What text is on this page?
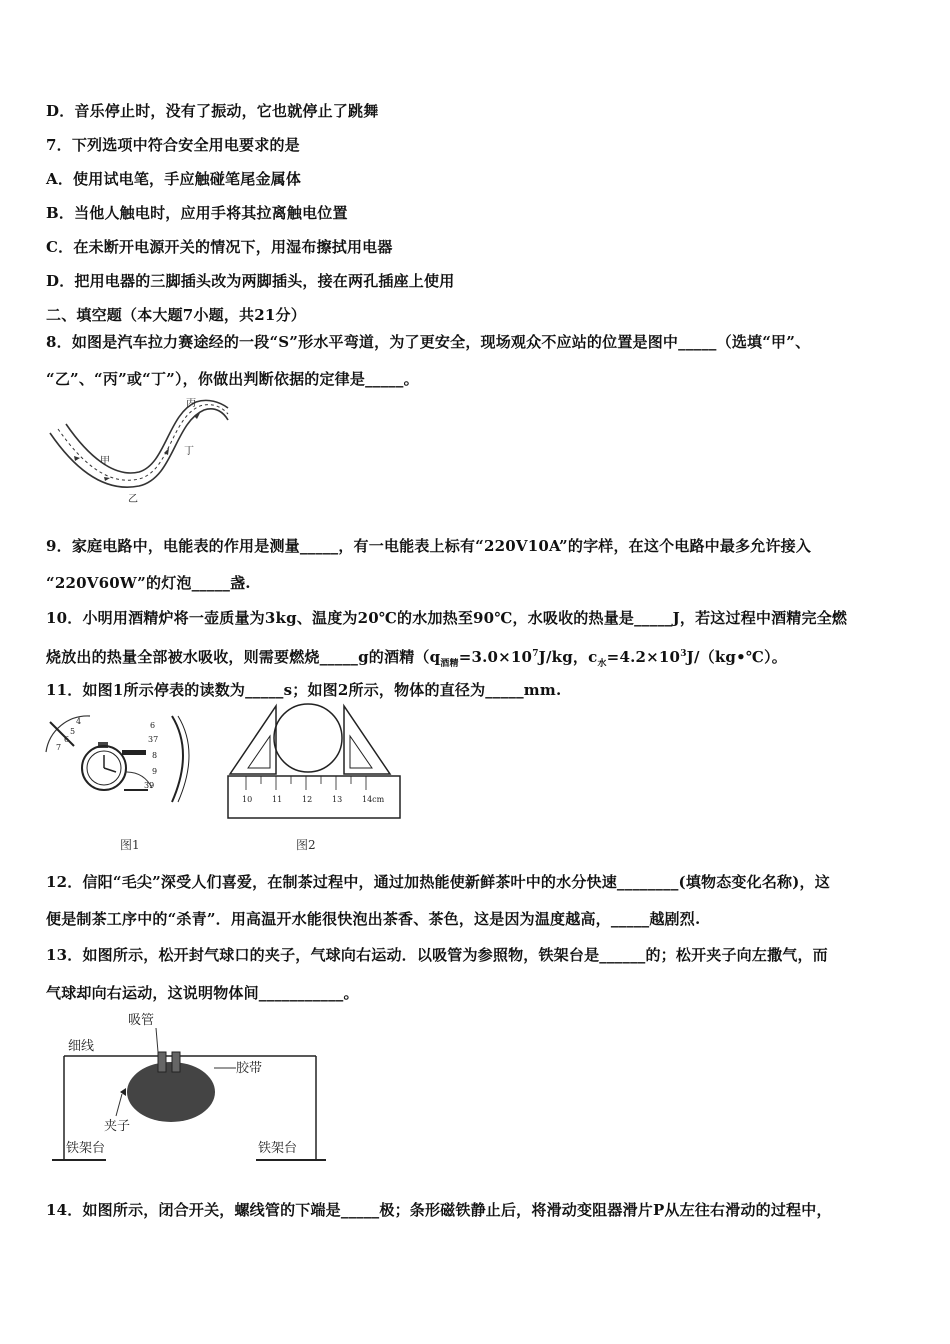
D．音乐停止时，没有了振动，它也就停止了跳舞
7．下列选项中符合安全用电要求的是
A．使用试电笔，手应触碰笔尾金属体
B．当他人触电时，应用手将其拉离触电位置
C．在未断开电源开关的情况下，用湿布擦拭用电器
D．把用电器的三脚插头改为两脚插头，接在两孔插座上使用
二、填空题（本大题7小题，共21分）
8．如图是汽车拉力赛途经的一段“S”形水平弯道，为了更安全，现场观众不应站的位置是图中_____（选填“甲”、
“乙”、“丙”或“丁”），你做出判断依据的定律是_____。
丙
甲
丁
乙
9．家庭电路中，电能表的作用是测量_____，有一电能表上标有“220V10A”的字样，在这个电路中最多允许接入
“220V60W”的灯泡_____盏.
10．小明用酒精炉将一壶质量为3kg、温度为20℃的水加热至90℃，水吸收的热量是_____J，若这过程中酒精完全燃
烧放出的热量全部被水吸收，则需要燃烧_____g的酒精（$q_{酒精}=3.0\times 10^7J/kg$，$c_水=4.2\times 10^3J/(kg•℃)$。
11．如图1所示停表的读数为_____s；如图2所示，物体的直径为_____mm.
4
5
6
7
6
37
8
9
39
图1
10 11 12 13 14cm
图2
12．信阳“毛尖”深受人们喜爱，在制茶过程中，通过加热能使新鲜茶叶中的水分快速________(填物态变化名称)，这
便是制茶工序中的“杀青”．用高温开水能很快泡出茶香、茶色，这是因为温度越高，_____越剧烈.
13．如图所示，松开封气球口的夹子，气球向右运动．以吸管为参照物，铁架台是______的；松开夹子向左撒气，而
气球却向右运动，这说明物体间___________。
吸管
细线
胶带
夹子
铁架台	铁架台
14．如图所示，闭合开关，螺线管的下端是_____极；条形磁铁静止后，将滑动变阻器滑片P从左往右滑动的过程中，
